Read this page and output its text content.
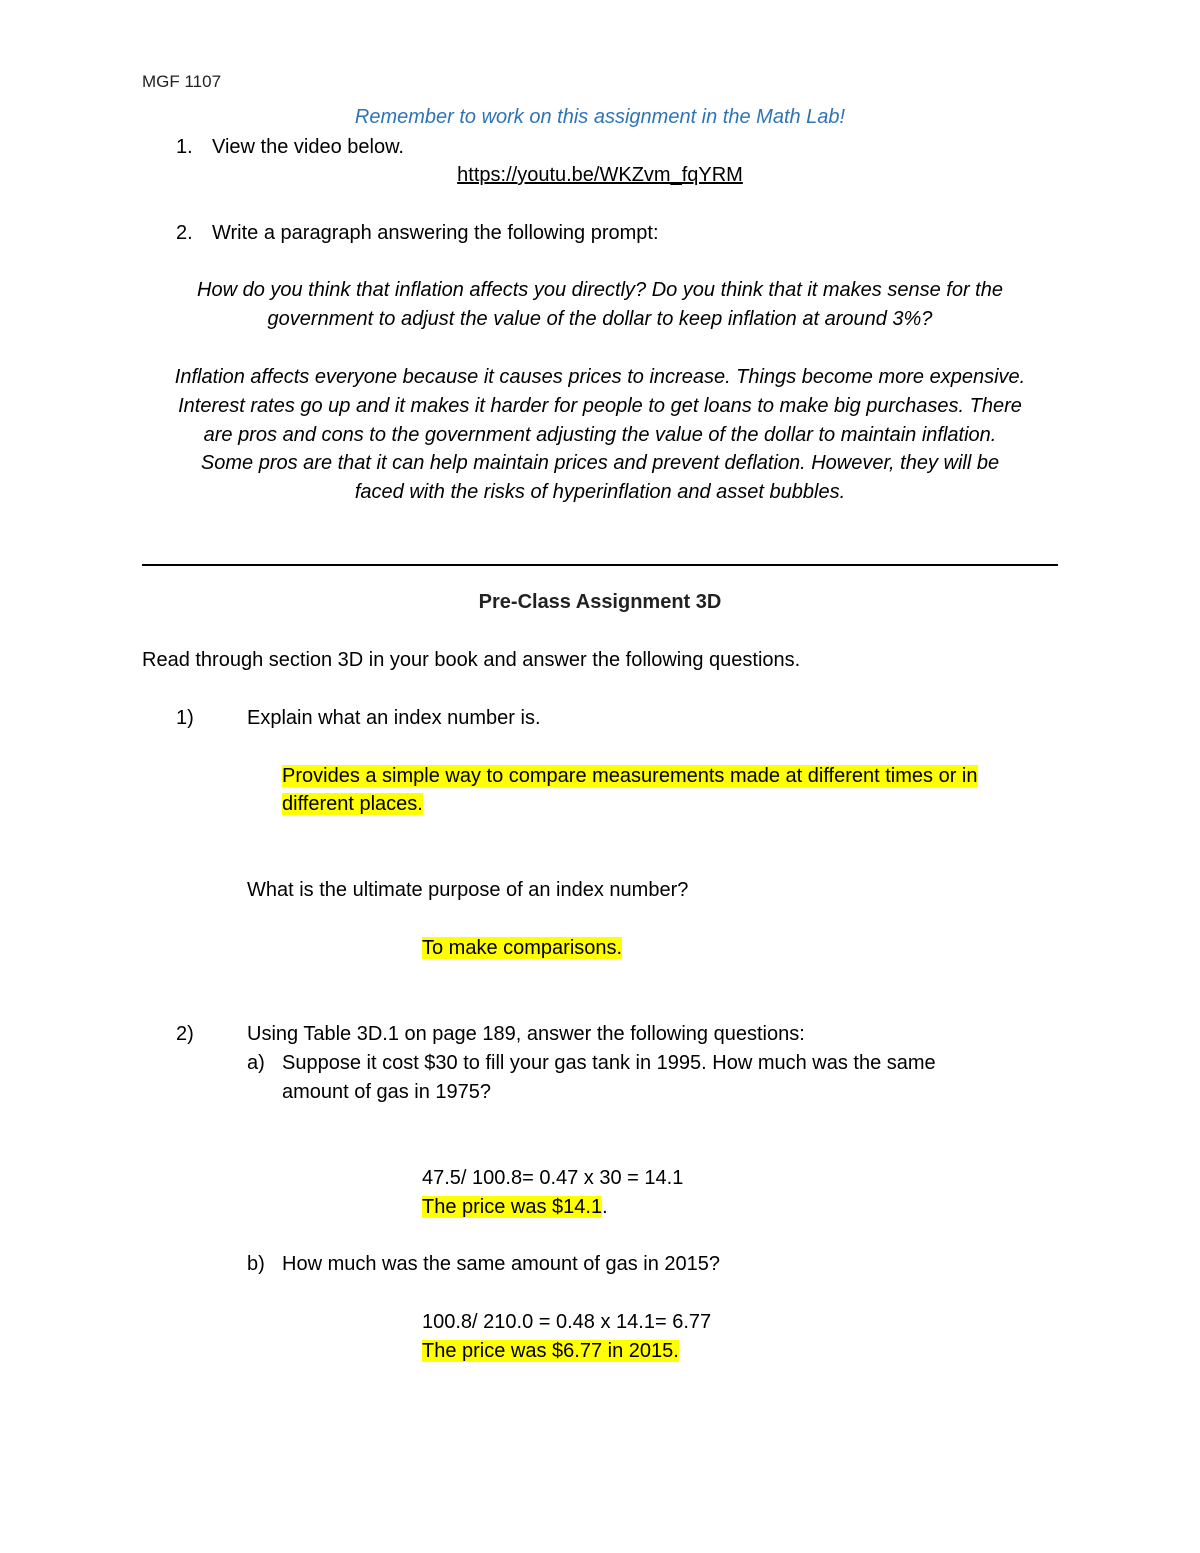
MGF 1107
Remember to work on this assignment in the Math Lab!
1. View the video below.
https://youtu.be/WKZvm_fqYRM
2. Write a paragraph answering the following prompt:
How do you think that inflation affects you directly? Do you think that it makes sense for the
government to adjust the value of the dollar to keep inflation at around 3%?
Inflation affects everyone because it causes prices to increase. Things become more expensive.
Interest rates go up and it makes it harder for people to get loans to make big purchases. There
are pros and cons to the government adjusting the value of the dollar to maintain inflation.
Some pros are that it can help maintain prices and prevent deflation. However, they will be
faced with the risks of hyperinflation and asset bubbles.
Pre-Class Assignment 3D
Read through section 3D in your book and answer the following questions.
1)	Explain what an index number is.
Provides a simple way to compare measurements made at different times or in
different places.
What is the ultimate purpose of an index number?
To make comparisons.
2)	Using Table 3D.1 on page 189, answer the following questions:
a) Suppose it cost $30 to fill your gas tank in 1995. How much was the same
amount of gas in 1975?
47.5/ 100.8= 0.47 x 30 = 14.1
The price was $14.1.
b) How much was the same amount of gas in 2015?
100.8/ 210.0 = 0.48 x 14.1= 6.77
The price was $6.77 in 2015.
